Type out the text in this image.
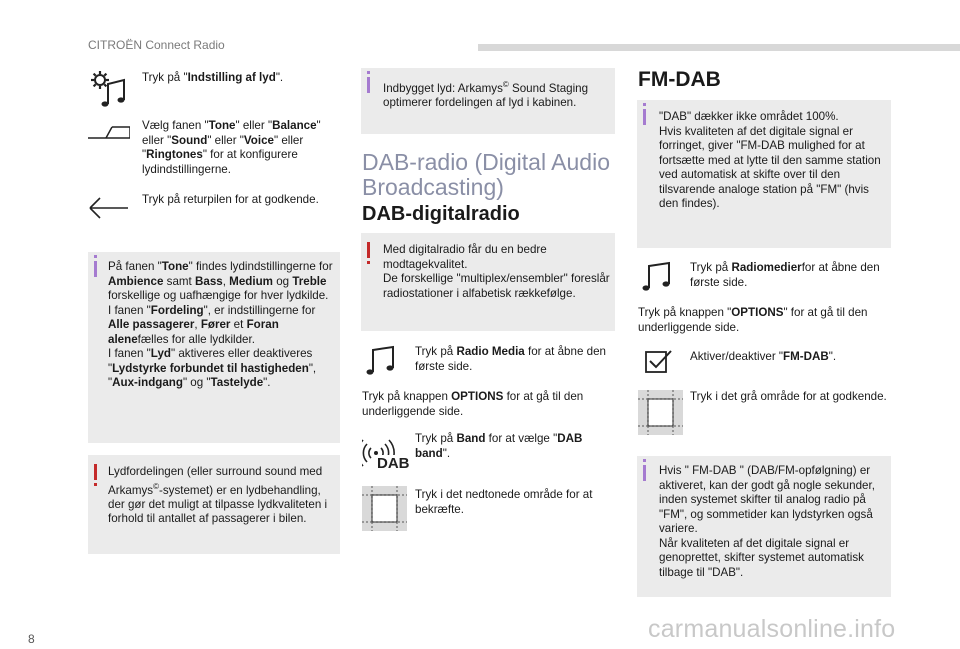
CITROËN Connect Radio
Tryk på "Indstilling af lyd".
Vælg fanen "Tone" eller "Balance" eller "Sound" eller "Voice" eller "Ringtones" for at konfigurere lydindstillingerne.
Tryk på returpilen for at godkende.
På fanen "Tone" findes lydindstillingerne for Ambience samt Bass, Medium og Treble forskellige og uafhængige for hver lydkilde.
I fanen "Fordeling", er indstillingerne for Alle passagerer, Fører et Foran alenefælles for alle lydkilder.
I fanen "Lyd" aktiveres eller deaktiveres "Lydstyrke forbundet til hastigheden", "Aux-indgang" og "Tastelyde".
Lydfordelingen (eller surround sound med Arkamys©-systemet) er en lydbehandling, der gør det muligt at tilpasse lydkvaliteten i forhold til antallet af passagerer i bilen.
Indbygget lyd: Arkamys© Sound Staging optimerer fordelingen af lyd i kabinen.
DAB-radio (Digital Audio Broadcasting)
DAB-digitalradio
Med digitalradio får du en bedre modtagekvalitet.
De forskellige "multiplex/ensembler" foreslår radiostationer i alfabetisk rækkefølge.
Tryk på Radio Media for at åbne den første side.
Tryk på knappen OPTIONS for at gå til den underliggende side.
DAB
Tryk på Band for at vælge "DAB band".
Tryk i det nedtonede område for at bekræfte.
FM-DAB
"DAB" dækker ikke området 100%.
Hvis kvaliteten af det digitale signal er forringet, giver "FM-DAB mulighed for at fortsætte med at lytte til den samme station ved automatisk at skifte over til den tilsvarende analoge station på "FM" (hvis den findes).
Tryk på Radiomedierfor at åbne den første side.
Tryk på knappen "OPTIONS" for at gå til den underliggende side.
Aktiver/deaktiver "FM-DAB".
Tryk i det grå område for at godkende.
Hvis " FM-DAB " (DAB/FM-opfølgning) er aktiveret, kan der godt gå nogle sekunder, inden systemet skifter til analog radio på "FM", og sommetider kan lydstyrken også variere.
Når kvaliteten af det digitale signal er genoprettet, skifter systemet automatisk tilbage til "DAB".
8	carmanualsonline.info
